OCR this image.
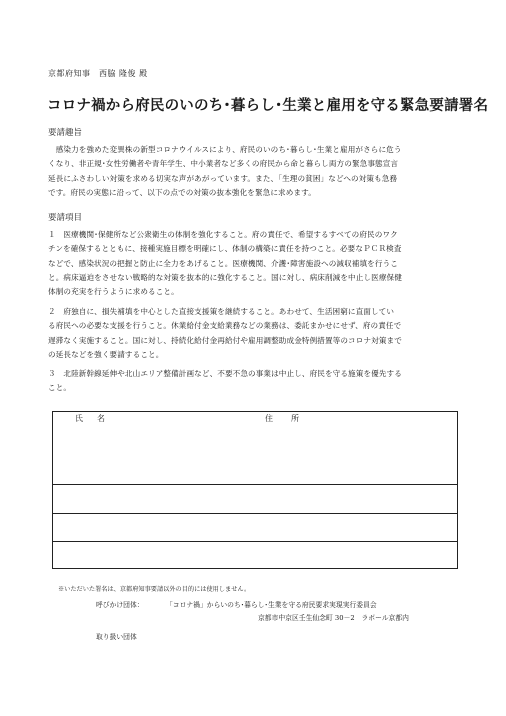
京都府知事　西脇 隆俊 殿
コロナ禍から府民のいのち･暮らし･生業と雇用を守る緊急要請署名
要請趣旨
　感染力を強めた変異株の新型コロナウイルスにより、府民のいのち･暮らし･生業と雇用がさらに危う
くなり、非正規･女性労働者や青年学生、中小業者など多くの府民から命と暮らし両方の緊急事態宣言
延長にふさわしい対策を求める切実な声があがっています。また、「生理の貧困」などへの対策も急務
です。府民の実態に沿って、以下の点での対策の抜本強化を緊急に求めます。
要請項目
１　医療機関･保健所など公衆衛生の体制を強化すること。府の責任で、希望するすべての府民のワク
チンを確保するとともに、接種実施目標を明確にし、体制の構築に責任を持つこと。必要なＰＣＲ検査
などで、感染状況の把握と防止に全力をあげること。医療機関、介護･障害施設への減収補填を行うこ
と。病床逼迫をさせない戦略的な対策を抜本的に強化すること。国に対し、病床削減を中止し医療保健
体制の充実を行うように求めること。
２　府独自に、損失補填を中心とした直接支援策を継続すること。あわせて、生活困窮に直面してい
る府民への必要な支援を行うこと。休業給付金支給業務などの業務は、委託まかせにせず、府の責任で
遅滞なく実施すること。国に対し、持続化給付金再給付や雇用調整助成金特例措置等のコロナ対策まで
の延長などを強く要請すること。
３　北陸新幹線延伸や北山エリア整備計画など、不要不急の事業は中止し、府民を守る施策を優先する
こと。
氏名	住所
※いただいた署名は、京都府知事要請以外の目的には使用しません。
呼びかけ団体：	「コロナ禍」からいのち･暮らし･生業を守る府民要求実現実行委員会
京都市中京区壬生仙念町 30－2　ラボール京都内
取り扱い団体
